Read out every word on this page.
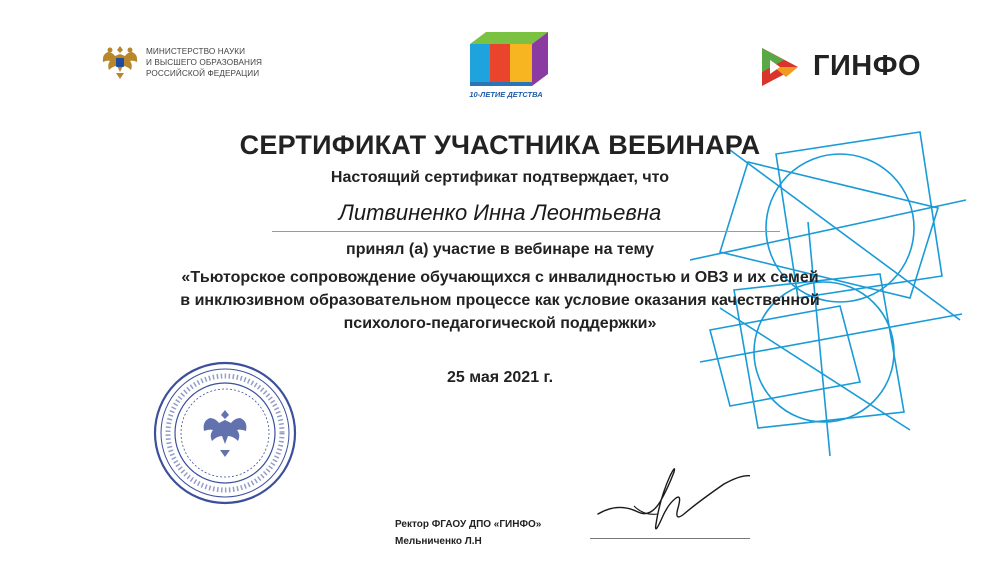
МИНИСТЕРСТВО НАУКИ
И ВЫСШЕГО ОБРАЗОВАНИЯ
РОССИЙСКОЙ ФЕДЕРАЦИИ
10-ЛЕТИЕ ДЕТСТВА
ГИНФО
СЕРТИФИКАТ УЧАСТНИКА ВЕБИНАРА
Настоящий сертификат подтверждает, что
Литвиненко Инна Леонтьевна
принял (а) участие в вебинаре на тему
«Тьюторское сопровождение обучающихся с инвалидностью и ОВЗ и их семей
в инклюзивном образовательном процессе как условие оказания качественной
психолого-педагогической поддержки»
25 мая 2021 г.
Ректор ФГАОУ ДПО «ГИНФО»
Мельниченко Л.Н
